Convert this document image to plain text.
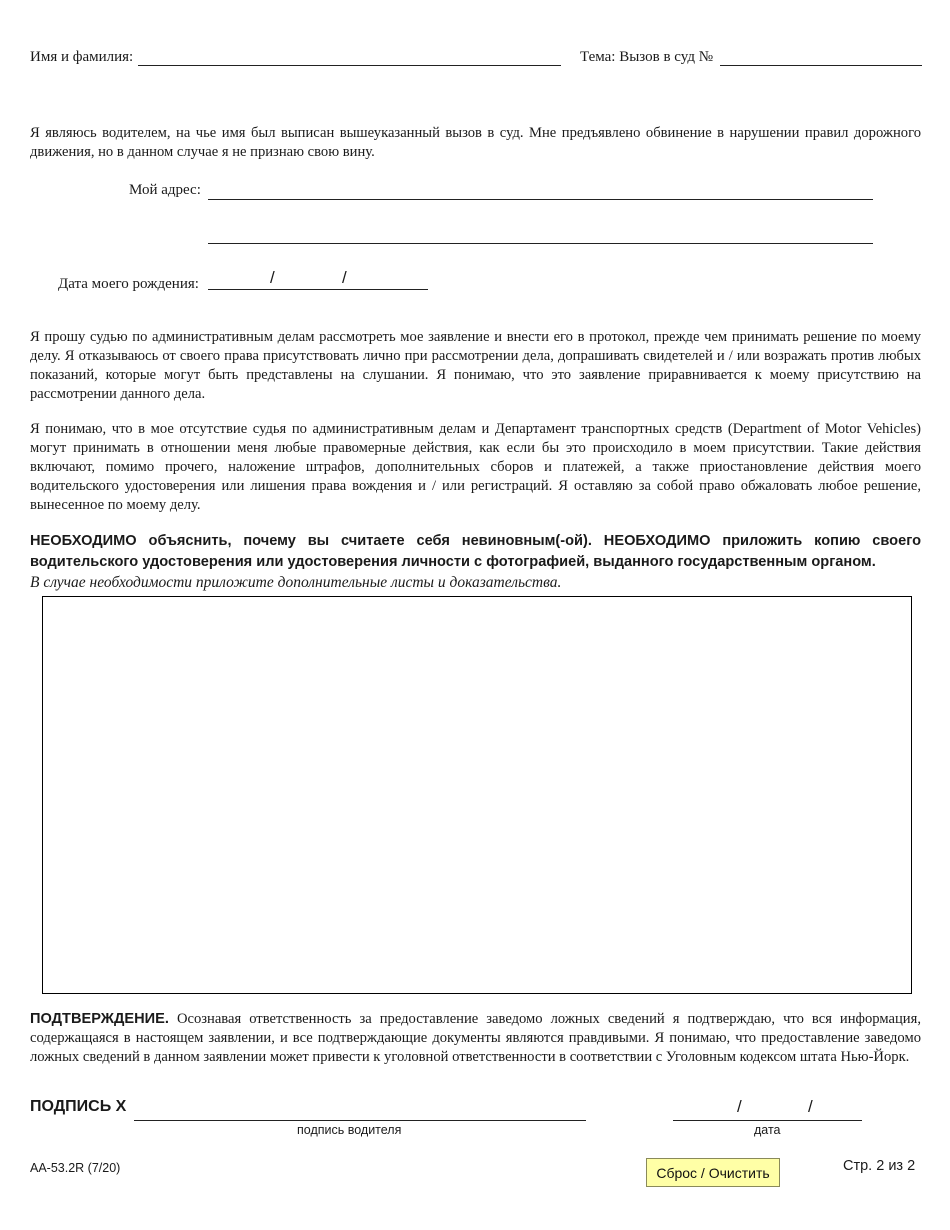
Имя и фамилия:	Тема: Вызов в суд №
Я являюсь водителем, на чье имя был выписан вышеуказанный вызов в суд. Мне предъявлено обвинение в нарушении правил дорожного движения, но в данном случае я не признаю свою вину.
Мой адрес:
Дата моего рождения:	/	/
Я прошу судью по административным делам рассмотреть мое заявление и внести его в протокол, прежде чем принимать решение по моему делу. Я отказываюсь от своего права присутствовать лично при рассмотрении дела, допрашивать свидетелей и / или возражать против любых показаний, которые могут быть представлены на слушании. Я понимаю, что это заявление приравнивается к моему присутствию на рассмотрении данного дела.
Я понимаю, что в мое отсутствие судья по административным делам и Департамент транспортных средств (Department of Motor Vehicles) могут принимать в отношении меня любые правомерные действия, как если бы это происходило в моем присутствии. Такие действия включают, помимо прочего, наложение штрафов, дополнительных сборов и платежей, а также приостановление действия моего водительского удостоверения или лишения права вождения и / или регистраций. Я оставляю за собой право обжаловать любое решение, вынесенное по моему делу.
НЕОБХОДИМО объяснить, почему вы считаете себя невиновным(-ой). НЕОБХОДИМО приложить копию своего водительского удостоверения или удостоверения личности с фотографией, выданного государственным органом.
В случае необходимости приложите дополнительные листы и доказательства.
ПОДТВЕРЖДЕНИЕ. Осознавая ответственность за предоставление заведомо ложных сведений я подтверждаю, что вся информация, содержащаяся в настоящем заявлении, и все подтверждающие документы являются правдивыми. Я понимаю, что предоставление заведомо ложных сведений в данном заявлении может привести к уголовной ответственности в соответствии с Уголовным кодексом штата Нью-Йорк.
ПОДПИСЬ Х
подпись водителя
/	/
дата
AA-53.2R (7/20)	Сброс / Очистить	Стр. 2 из 2
